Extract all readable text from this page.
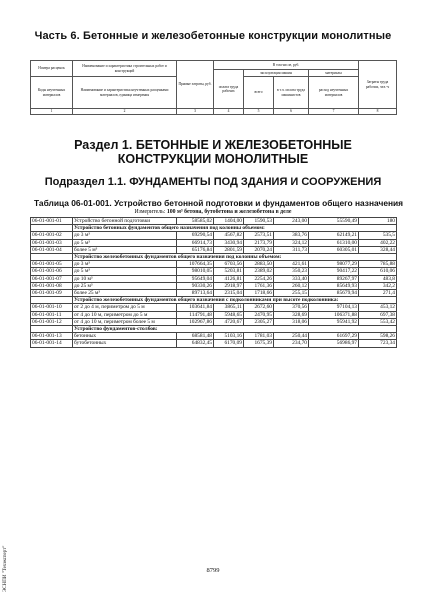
Часть 6. Бетонные и железобетонные конструкции монолитные
Номера расценок	Наименование и характеристика строительных работ и конструкций	Прямые затраты, руб.	В том числе, руб.				Затраты труда рабочих, чел.-ч
			оплата труда рабочих	эксплуатация машин		материалы	
Коды неучтенных материалов	Наименование и характеристика неучтенных расценками материалов, единица измерения			всего	в т.ч. оплата труда машинистов	расход неучтенных материалов	

1	2	3	4	5	6	7	8
Раздел 1. БЕТОННЫЕ И ЖЕЛЕЗОБЕТОННЫЕ КОНСТРУКЦИИ МОНОЛИТНЫЕ
Подраздел 1.1. ФУНДАМЕНТЫ ПОД ЗДАНИЯ И СООРУЖЕНИЯ
Таблица 06-01-001. Устройство бетонной подготовки и фундаментов общего назначения
Измеритель: 100 м³ бетона, бутобетона и железобетона в деле
06-01-001-01	Устройство бетонной подготовки	58585,02	1404,00	1590,53	243,00	55590,49	180
	Устройство бетонных фундаментов общего назначения под колонны объемом:						
06-01-001-02	до 3 м³	69290,54	4567,82	2573,51	383,76	62149,21	535,5
06-01-001-03	до 5 м³	66914,73	3430,94	2173,79	324,12	61310,00	402,22
06-01-001-04	более 5 м³	65176,84	2801,59	2070,24	311,73	60305,01	328,44
	Устройство железобетонных фундаментов общего назначения под колонны объемом:						
06-01-001-05	до 3 м³	107664,35	6703,56	2883,50	421,61	98077,29	785,88
06-01-001-06	до 5 м³	98010,05	5203,81	2389,02	350,23	90417,22	610,06
06-01-001-07	до 10 м³	95649,04	4126,81	2254,26	333,40	89267,97	483,8
06-01-001-08	до 25 м³	90330,26	2918,97	1761,36	260,12	85649,93	342,2
06-01-001-09	более 25 м³	89713,64	2315,04	1718,66	255,15	85679,94	271,4
	Устройство железобетонных фундаментов общего назначения с подколонниками при высоте подколонника:						
06-01-001-10	от 2 до 4 м, периметром до 5 м	103641,84	3865,11	2672,60	370,56	97104,13	453,12
06-01-001-11	от 4 до 10 м, периметром до 5 м	114791,48	5948,65	2470,95	328,69	106371,88	697,38
06-01-001-12	от 4 до 10 м, периметром более 5 м	102967,86	4720,67	2305,27	318,06	95941,92	553,42
	Устройство фундаментов-столбов:						
06-01-001-13	бетонных	68581,48	5103,16	1781,03	250,44	61697,29	598,26
06-01-001-14	бутобетонных	64832,45	6170,09	1675,39	234,70	56986,97	723,34
8799
ЭСНПИ "Техэксперт"
